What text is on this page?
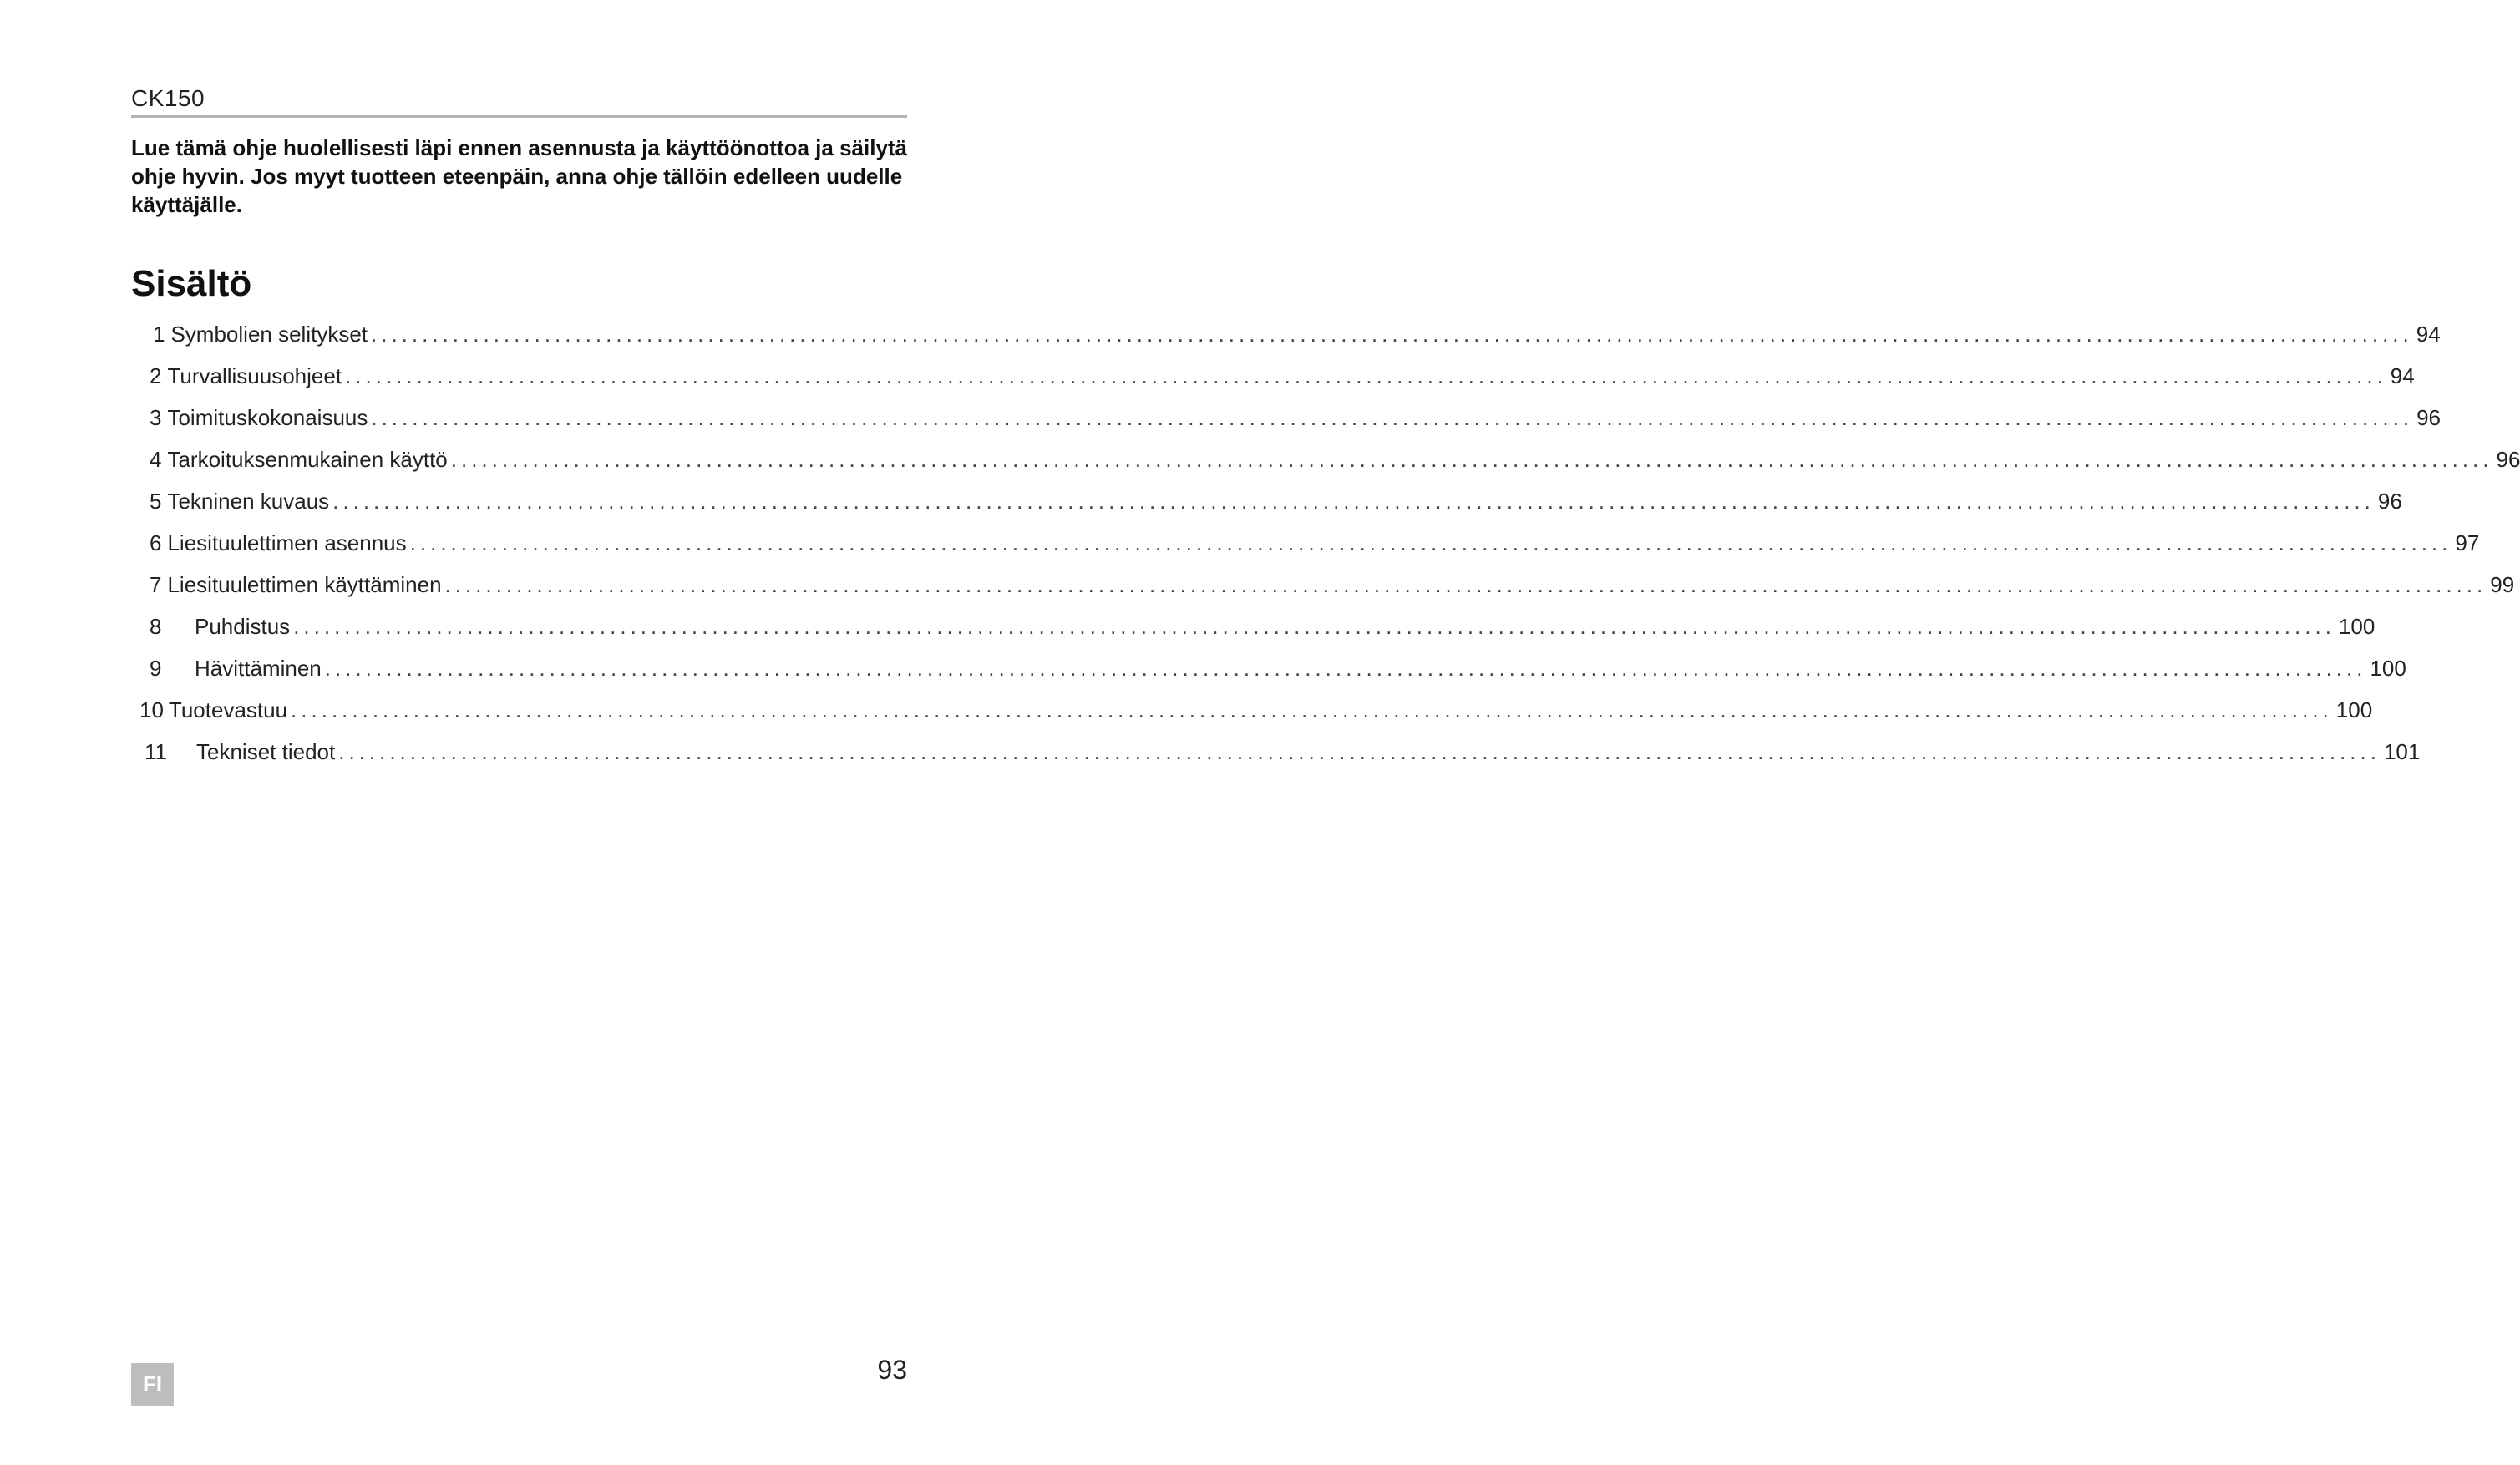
CK150
Lue tämä ohje huolellisesti läpi ennen asennusta ja käyttöönottoa ja säilytä ohje hyvin. Jos myyt tuotteen eteenpäin, anna ohje tällöin edelleen uudelle käyttäjälle.
Sisältö
1 Symbolien selitykset ........................................................................................................................................................................................................ 94
2 Turvallisuusohjeet ........................................................................................................................................................................................................ 94
3 Toimituskokonaisuus ........................................................................................................................................................................................................ 96
4 Tarkoituksenmukainen käyttö ........................................................................................................................................................................................................ 96
5 Tekninen kuvaus ........................................................................................................................................................................................................ 96
6 Liesituulettimen asennus ........................................................................................................................................................................................................ 97
7 Liesituulettimen käyttäminen ........................................................................................................................................................................................................ 99
8	Puhdistus ........................................................................................................................................................................................................ 100
9	Hävittäminen ........................................................................................................................................................................................................ 100
10 Tuotevastuu ........................................................................................................................................................................................................ 100
11	Tekniset tiedot ........................................................................................................................................................................................................ 101
FI	93
